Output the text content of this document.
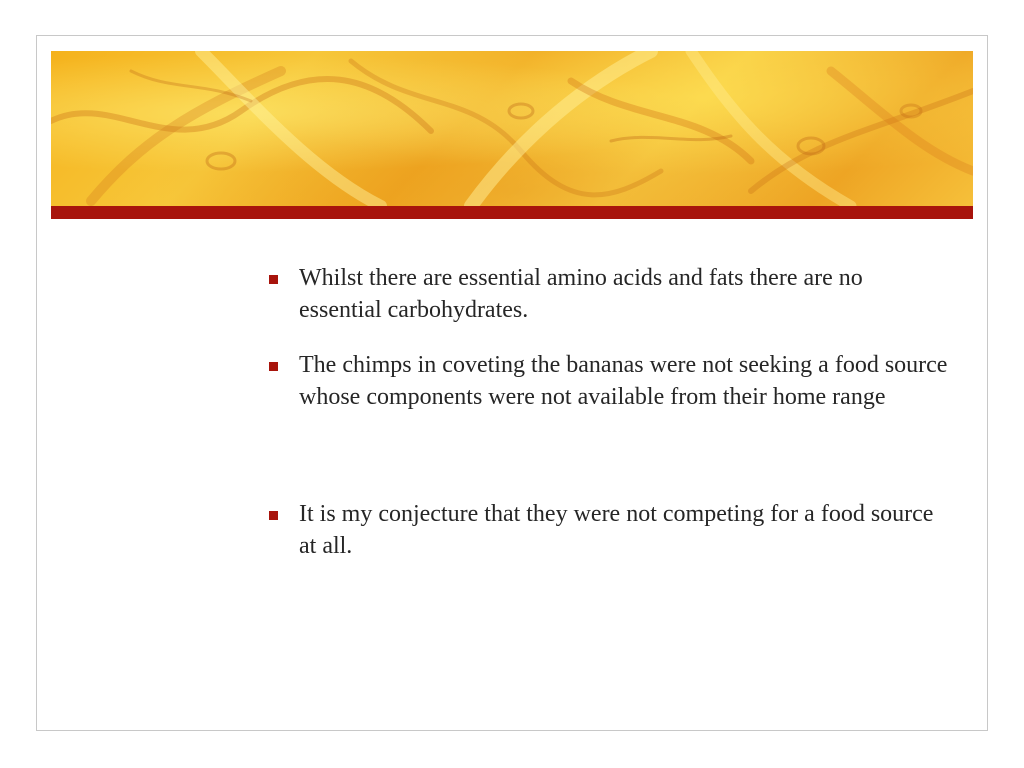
Whilst there are essential amino acids and fats there are no essential carbohydrates.
The chimps in coveting the bananas were not seeking a food source whose components were not available from their home range
It is my conjecture that they were not competing for a food source at all.
